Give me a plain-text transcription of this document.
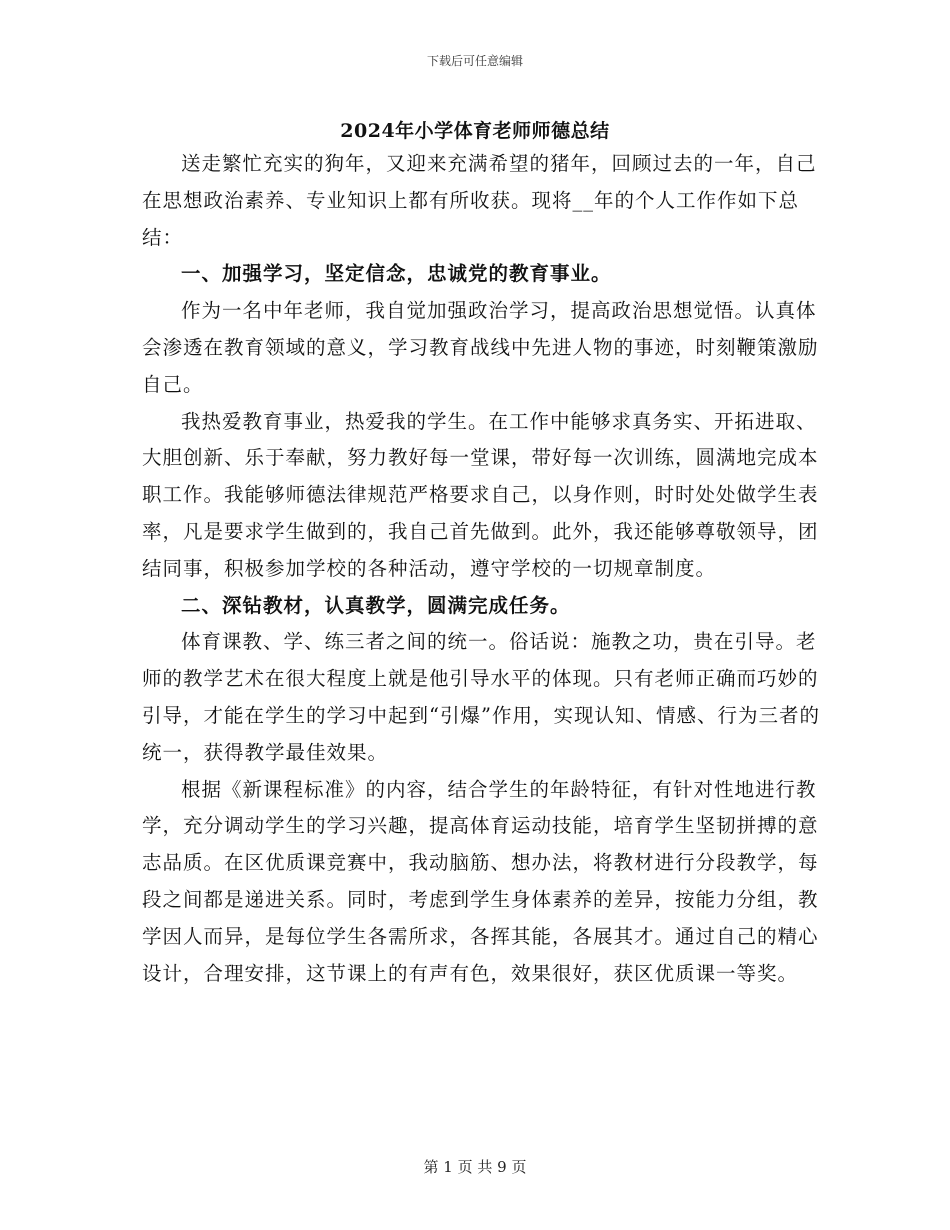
下载后可任意编辑
2024年小学体育老师师德总结

送走繁忙充实的狗年，又迎来充满希望的猪年，回顾过去的一年，自己在思想政治素养、专业知识上都有所收获。现将__年的个人工作作如下总结：

一、加强学习，坚定信念，忠诚党的教育事业。

作为一名中年老师，我自觉加强政治学习，提高政治思想觉悟。认真体会渗透在教育领域的意义，学习教育战线中先进人物的事迹，时刻鞭策激励自己。

我热爱教育事业，热爱我的学生。在工作中能够求真务实、开拓进取、大胆创新、乐于奉献，努力教好每一堂课，带好每一次训练，圆满地完成本职工作。我能够师德法律规范严格要求自己，以身作则，时时处处做学生表率，凡是要求学生做到的，我自己首先做到。此外，我还能够尊敬领导，团结同事，积极参加学校的各种活动，遵守学校的一切规章制度。

二、深钻教材，认真教学，圆满完成任务。

体育课教、学、练三者之间的统一。俗话说：施教之功，贵在引导。老师的教学艺术在很大程度上就是他引导水平的体现。只有老师正确而巧妙的引导，才能在学生的学习中起到“引爆”作用，实现认知、情感、行为三者的统一，获得教学最佳效果。

根据《新课程标准》的内容，结合学生的年龄特征，有针对性地进行教学，充分调动学生的学习兴趣，提高体育运动技能，培育学生坚韧拼搏的意志品质。在区优质课竞赛中，我动脑筋、想办法，将教材进行分段教学，每段之间都是递进关系。同时，考虑到学生身体素养的差异，按能力分组，教学因人而异，是每位学生各需所求，各挥其能，各展其才。通过自己的精心设计，合理安排，这节课上的有声有色，效果很好，获区优质课一等奖。

第 1 页 共 9 页
